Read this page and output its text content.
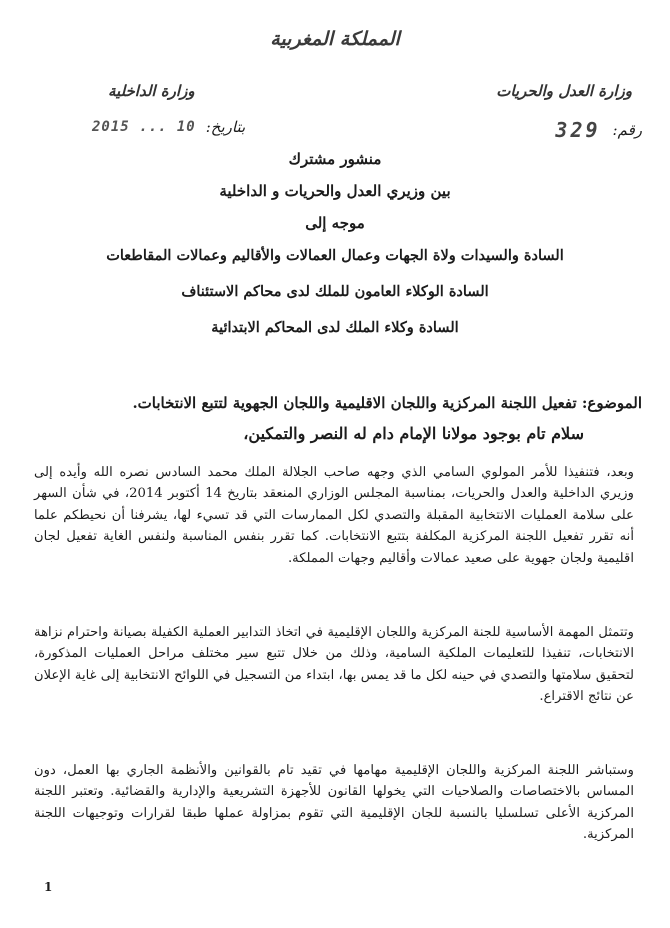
المملكة المغربية
وزارة العدل والحريات
وزارة الداخلية
رقم:
329
بتاريخ:
2015 ... 10
منشور مشترك
بين وزيري العدل والحريات و الداخلية
موجه إلى
السادة والسيدات ولاة الجهات وعمال العمالات والأقاليم وعمالات المقاطعات
السادة الوكلاء العامون للملك لدى محاكم الاستئناف
السادة وكلاء الملك لدى المحاكم الابتدائية
الموضوع: تفعيل اللجنة المركزية واللجان الاقليمية واللجان الجهوية لتتبع الانتخابات.
سلام تام بوجود مولانا الإمام دام له النصر والتمكين،
وبعد، فتنفيذا للأمر المولوي السامي الذي وجهه صاحب الجلالة الملك محمد السادس نصره الله وأيده إلى وزيري الداخلية والعدل والحريات، بمناسبة المجلس الوزاري المنعقد بتاريخ 14 أكتوبر 2014، في شأن السهر على سلامة العمليات الانتخابية المقبلة والتصدي لكل الممارسات التي قد تسيء لها، يشرفنا أن نحيطكم علما أنه تقرر تفعيل اللجنة المركزية المكلفة بتتبع الانتخابات. كما تقرر بنفس المناسبة ولنفس الغاية تفعيل لجان اقليمية ولجان جهوية على صعيد عمالات وأقاليم وجهات المملكة.
وتتمثل المهمة الأساسية للجنة المركزية واللجان الإقليمية في اتخاذ التدابير العملية الكفيلة بصيانة واحترام نزاهة الانتخابات، تنفيذا للتعليمات الملكية السامية، وذلك من خلال تتبع سير مختلف مراحل العمليات المذكورة، لتحقيق سلامتها والتصدي في حينه لكل ما قد يمس بها، ابتداء من التسجيل في اللوائح الانتخابية إلى غاية الإعلان عن نتائج الاقتراع.
وستباشر اللجنة المركزية واللجان الإقليمية مهامها في تقيد تام بالقوانين والأنظمة الجاري بها العمل، دون المساس بالاختصاصات والصلاحيات التي يخولها القانون للأجهزة التشريعية والإدارية والقضائية. وتعتبر اللجنة المركزية الأعلى تسلسليا بالنسبة للجان الإقليمية التي تقوم بمزاولة عملها طبقا لقرارات وتوجيهات اللجنة المركزية.
1
